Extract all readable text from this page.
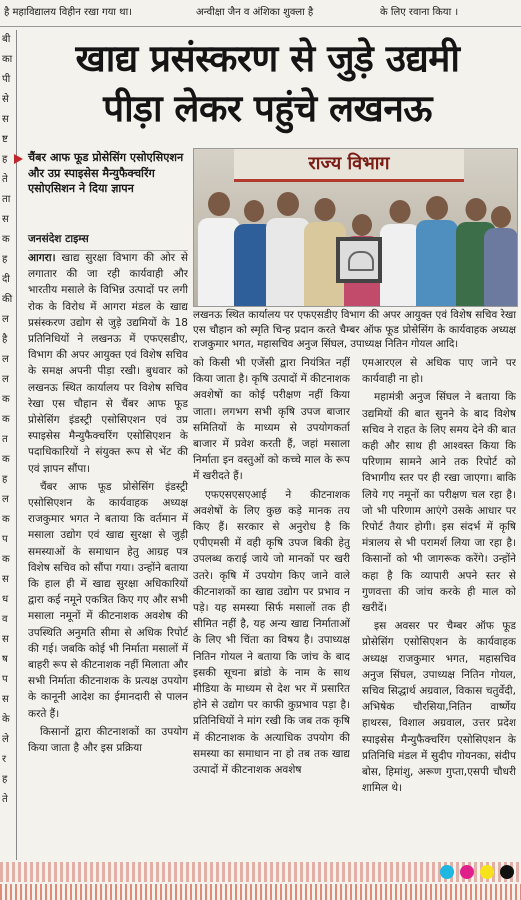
है महाविद्यालय विहीन रखा गया था।	अन्वीक्षा जैन व अंशिका शुक्ला है	के लिए रवाना किया ।
बी
का
पी
से
स
ष्ट
ह
ते
ता
स
क
ह
दी
की
ल
है
ल
ल
क
क
त
क
ह
ल
क
प
क
स
ध
व
स
ष
प
स
के
ले
र
ह
ते
खाद्य प्रसंस्करण से जुड़े उद्यमी
पीड़ा लेकर पहुंचे लखनऊ
चैंबर आफ फूड प्रोसेसिंग एसोएसिएशन और उप्र स्पाइसेस मैन्युफैक्चरिंग एसोएसिशन ने दिया ज्ञापन
जनसंदेश टाइम्स
राज्य विभाग
लखनऊ स्थित कार्यालय पर एफएसडीए विभाग की अपर आयुक्त एवं विशेष सचिव रेखा एस चौहान को स्मृति चिन्ह प्रदान करते चैम्बर ऑफ फूड प्रोसेसिंग के कार्यवाहक अध्यक्ष राजकुमार भगत, महासचिव अनुज सिंघल, उपाध्यक्ष नितिन गोयल आदि।

आगरा। खाद्य सुरक्षा विभाग की ओर से लगातार की जा रही कार्यवाही और भारतीय मसाले के विभिन्न उत्पादों पर लगी रोक के विरोध में आगरा मंडल के खाद्य प्रसंस्करण उद्योग से जुड़े उद्यमियों के 18 प्रतिनिधियों ने लखनऊ में एफएसडीए, विभाग की अपर आयुक्त एवं विशेष सचिव के समक्ष अपनी पीड़ा रखी। बुधवार को लखनऊ स्थित कार्यालय पर विशेष सचिव रेखा एस चौहान से चैंबर आफ फूड प्रोसेसिंग इंडस्ट्री एसोसिएशन एवं उप्र स्पाइसेस मैन्युफैक्चरिंग एसोसिएशन के पदाधिकारियों ने संयुक्त रूप से भेंट की एवं ज्ञापन सौंपा।

चैंबर आफ फूड प्रोसेसिंग इंडस्ट्री एसोसिएशन के कार्यवाहक अध्यक्ष राजकुमार भगत ने बताया कि वर्तमान में मसाला उद्योग एवं खाद्य सुरक्षा से जुड़ी समस्याओं के समाधान हेतु आग्रह पत्र विशेष सचिव को सौंपा गया। उन्होंने बताया कि हाल ही में खाद्य सुरक्षा अधिकारियों द्वारा कई नमूने एकत्रित किए गए और सभी मसाला नमूनों में कीटनाशक अवशेष की उपस्थिति अनुमति सीमा से अधिक रिपोर्ट की गई। जबकि कोई भी निर्माता मसालों में बाहरी रूप से कीटनाशक नहीं मिलाता और सभी निर्माता कीटनाशक के प्रत्यक्ष उपयोग के कानूनी आदेश का ईमानदारी से पालन करते हैं।

किसानों द्वारा कीटनाशकों का उपयोग किया जाता है और इस प्रक्रिया

को किसी भी एजेंसी द्वारा नियंत्रित नहीं किया जाता है। कृषि उत्पादों में कीटनाशक अवशेषों का कोई परीक्षण नहीं किया जाता। लगभग सभी कृषि उपज बाजार समितियों के माध्यम से उपयोगकर्ता बाजार में प्रवेश करती हैं, जहां मसाला निर्माता इन वस्तुओं को कच्चे माल के रूप में खरीदते हैं।

एफएसएसएआई ने कीटनाशक अवशेषों के लिए कुछ कड़े मानक तय किए हैं। सरकार से अनुरोध है कि एपीएमसी में वही कृषि उपज बिकी हेतु उपलब्ध कराई जाये जो मानकों पर खरी उतरे। कृषि में उपयोग किए जाने वाले कीटनाशकों का खाद्य उद्योग पर प्रभाव न पड़े। यह समस्या सिर्फ मसालों तक ही सीमित नहीं है, यह अन्य खाद्य निर्माताओं के लिए भी चिंता का विषय है। उपाध्यक्ष नितिन गोयल ने बताया कि जांच के बाद इसकी सूचना ब्रांडो के नाम के साथ मीडिया के माध्यम से देश भर में प्रसारित होने से उद्योग पर काफी कुप्रभाव पड़ा है। प्रतिनिधियों ने मांग रखी कि जब तक कृषि में कीटनाशक के अत्याधिक उपयोग की समस्या का समाधान ना हो तब तक खाद्य उत्पादों में कीटनाशक अवशेष

एमआरएल से अधिक पाए जाने पर कार्यवाही ना हो।

महामंत्री अनुज सिंघल ने बताया कि उद्यमियों की बात सुनने के बाद विशेष सचिव ने राहत के लिए समय देने की बात कही और साथ ही आश्वस्त किया कि परिणाम सामने आने तक रिपोर्ट को विभागीय स्तर पर ही रखा जाएगा। बाकि लिये गए नमूनों का परीक्षण चल रहा है। जो भी परिणाम आएंगे उसके आधार पर रिपोर्ट तैयार होगी। इस संदर्भ में कृषि मंत्रालय से भी परामर्श लिया जा रहा है। किसानों को भी जागरूक करेंगे। उन्होंने कहा है कि व्यापारी अपने स्तर से गुणवत्ता की जांच करके ही माल को खरीदें।

इस अवसर पर चैम्बर ऑफ फूड प्रोसेसिंग एसोसिएशन के कार्यवाहक अध्यक्ष राजकुमार भगत, महासचिव अनुज सिंघल, उपाध्यक्ष नितिन गोयल, सचिव सिद्धार्थ अग्रवाल, विकास चतुर्वेदी, अभिषेक चौरसिया,नितिन वार्ष्णेय हाथरस, विशाल अग्रवाल, उत्तर प्रदेश स्पाइसेस मैन्युफैक्चरिंग एसोसिएशन के प्रतिनिधि मंडल में सुदीप गोयनका, संदीप बोस, हिमांशु, अरूण गुप्ता,एसपी चौधरी शामिल थे।
